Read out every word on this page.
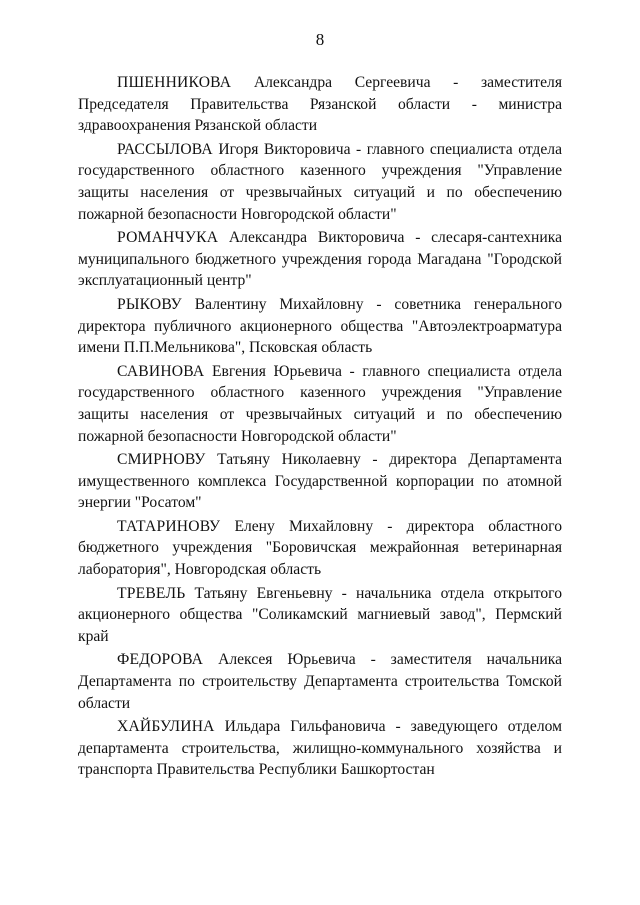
8

ПШЕННИКОВА Александра Сергеевича - заместителя Председателя Правительства Рязанской области - министра здравоохранения Рязанской области

РАССЫЛОВА Игоря Викторовича - главного специалиста отдела государственного областного казенного учреждения "Управление защиты населения от чрезвычайных ситуаций и по обеспечению пожарной безопасности Новгородской области"

РОМАНЧУКА Александра Викторовича - слесаря-сантехника муниципального бюджетного учреждения города Магадана "Городской эксплуатационный центр"

РЫКОВУ Валентину Михайловну - советника генерального директора публичного акционерного общества "Автоэлектроарматура имени П.П.Мельникова", Псковская область

САВИНОВА Евгения Юрьевича - главного специалиста отдела государственного областного казенного учреждения "Управление защиты населения от чрезвычайных ситуаций и по обеспечению пожарной безопасности Новгородской области"

СМИРНОВУ Татьяну Николаевну - директора Департамента имущественного комплекса Государственной корпорации по атомной энергии "Росатом"

ТАТАРИНОВУ Елену Михайловну - директора областного бюджетного учреждения "Боровичская межрайонная ветеринарная лаборатория", Новгородская область

ТРЕВЕЛЬ Татьяну Евгеньевну - начальника отдела открытого акционерного общества "Соликамский магниевый завод", Пермский край

ФЕДОРОВА Алексея Юрьевича - заместителя начальника Департамента по строительству Департамента строительства Томской области

ХАЙБУЛИНА Ильдара Гильфановича - заведующего отделом департамента строительства, жилищно-коммунального хозяйства и транспорта Правительства Республики Башкортостан
